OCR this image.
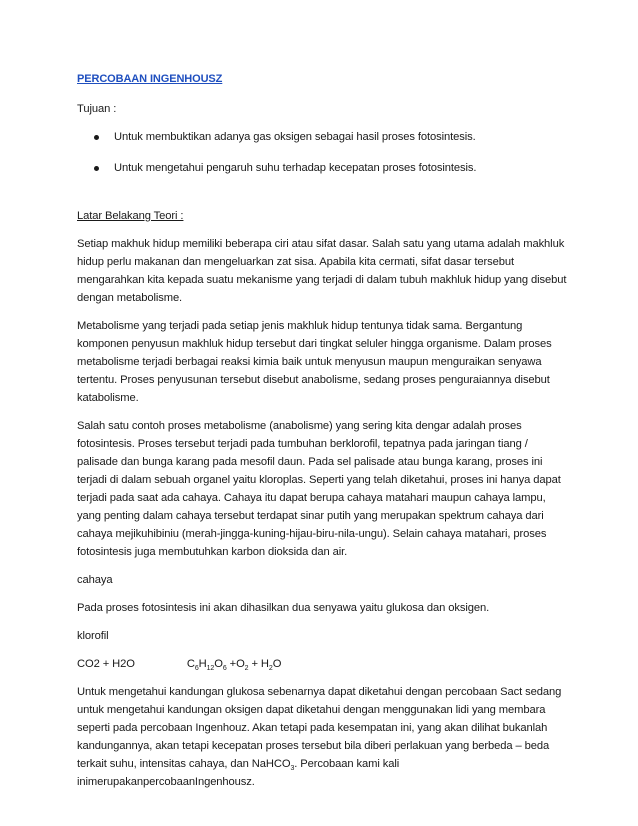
PERCOBAAN INGENHOUSZ
Tujuan :
Untuk membuktikan adanya gas oksigen sebagai hasil proses fotosintesis.
Untuk mengetahui pengaruh suhu terhadap kecepatan proses fotosintesis.
Latar Belakang Teori :

Setiap makhuk hidup memiliki beberapa ciri atau sifat dasar. Salah satu yang utama adalah makhluk hidup perlu makanan dan mengeluarkan zat sisa. Apabila kita cermati, sifat dasar tersebut mengarahkan kita kepada suatu mekanisme yang terjadi di dalam tubuh makhluk hidup yang disebut dengan metabolisme.

Metabolisme yang terjadi pada setiap jenis makhluk hidup tentunya tidak sama. Bergantung komponen penyusun makhluk hidup tersebut dari tingkat seluler hingga organisme. Dalam proses metabolisme terjadi berbagai reaksi kimia baik untuk menyusun maupun menguraikan senyawa tertentu. Proses penyusunan tersebut disebut anabolisme, sedang proses penguraiannya disebut katabolisme.

Salah satu contoh proses metabolisme (anabolisme) yang sering kita dengar adalah proses fotosintesis. Proses tersebut terjadi pada tumbuhan berklorofil, tepatnya pada jaringan tiang / palisade dan bunga karang pada mesofil daun. Pada sel palisade atau bunga karang, proses ini terjadi di dalam sebuah organel yaitu kloroplas. Seperti yang telah diketahui, proses ini hanya dapat terjadi pada saat ada cahaya. Cahaya itu dapat berupa cahaya matahari maupun cahaya lampu, yang penting dalam cahaya tersebut terdapat sinar putih yang merupakan spektrum cahaya dari cahaya mejikuhibiniu (merah-jingga-kuning-hijau-biru-nila-ungu). Selain cahaya matahari, proses fotosintesis juga membutuhkan karbon dioksida dan air.

cahaya

Pada proses fotosintesis ini akan dihasilkan dua senyawa yaitu glukosa dan oksigen.

klorofil

CO2 + H2O	$C_6H_{12}O_6 +O_2 + H_2O$

Untuk mengetahui kandungan glukosa sebenarnya dapat diketahui dengan percobaan Sact sedang untuk mengetahui kandungan oksigen dapat diketahui dengan menggunakan lidi yang membara seperti pada percobaan Ingenhouz. Akan tetapi pada kesempatan ini, yang akan dilihat bukanlah kandungannya, akan tetapi kecepatan proses tersebut bila diberi perlakuan yang berbeda – beda terkait suhu, intensitas cahaya, dan NaHCO$_3$. Percobaan kami kali inimerupakanpercobaanIngenhousz.
